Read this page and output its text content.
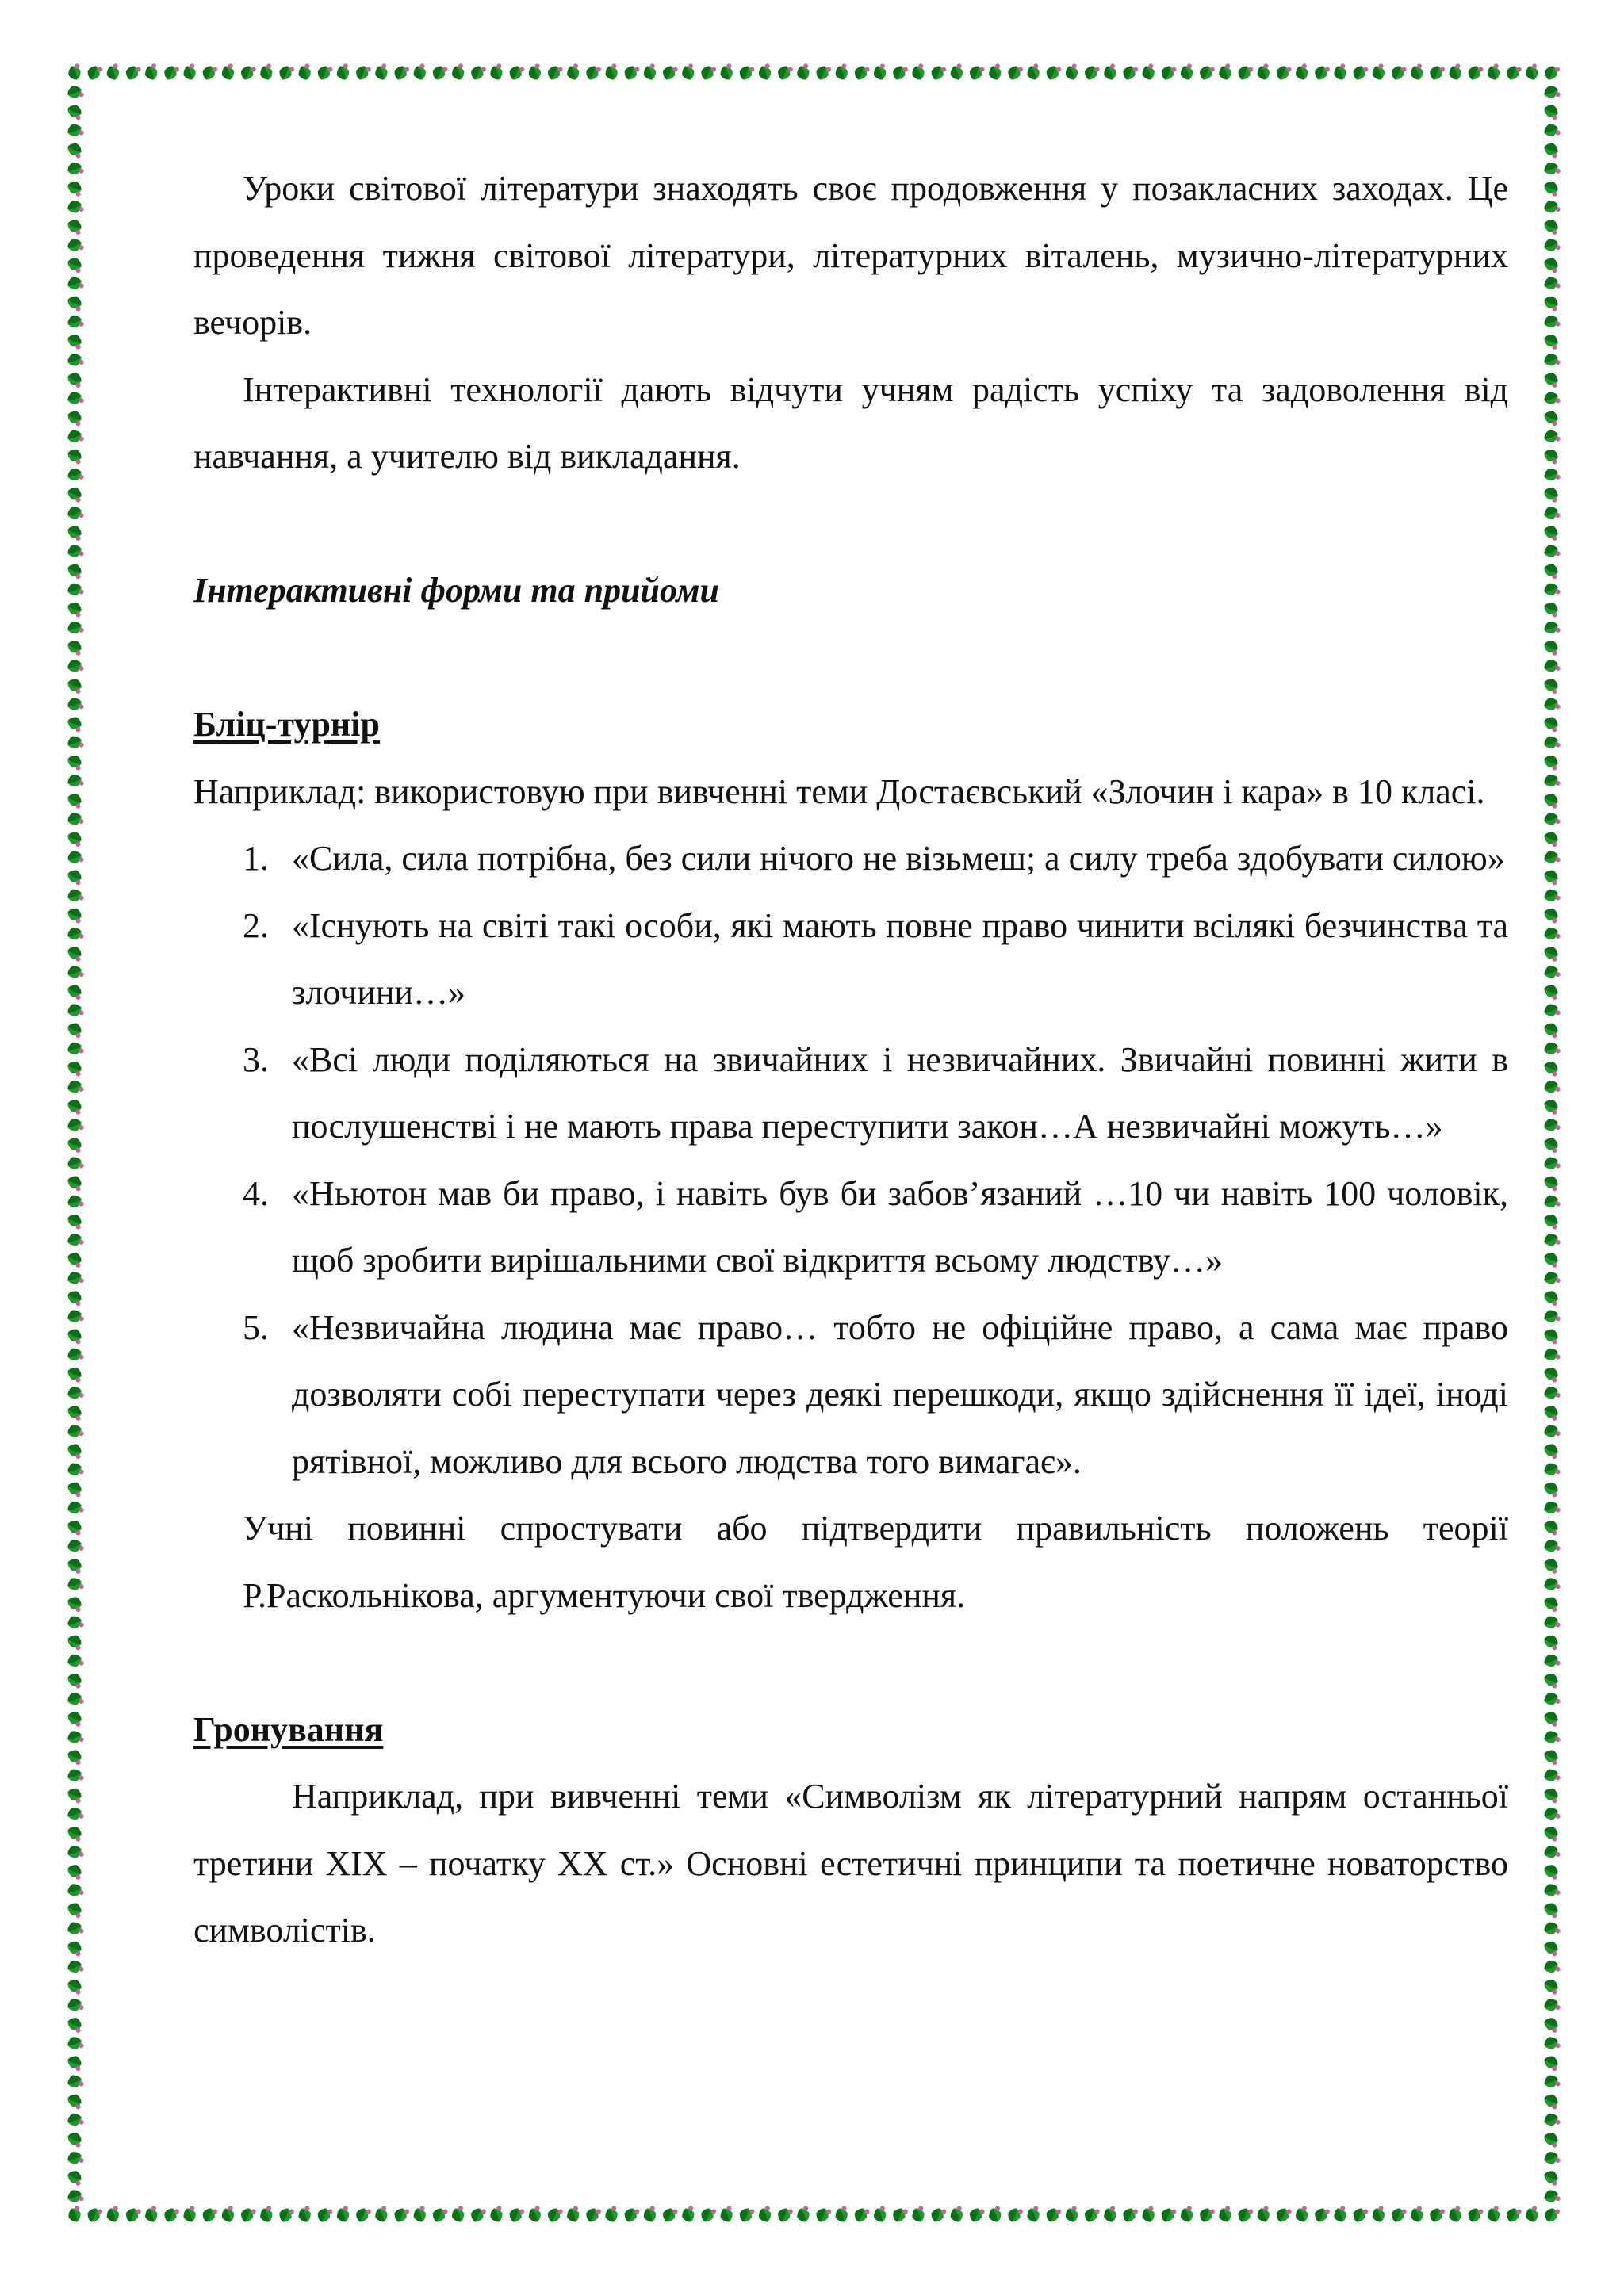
Уроки світової літератури знаходять своє продовження у позакласних заходах. Це проведення тижня світової літератури, літературних віталень, музично-літературних вечорів.

Інтерактивні технології дають відчути учням радість успіху та задоволення від навчання, а учителю від викладання.

Інтерактивні форми та прийоми

Бліц-турнір

Наприклад: використовую при вивченні теми Достаєвський «Злочин і кара» в 10 класі.

1. «Сила, сила потрібна, без сили нічого не візьмеш; а силу треба здобувати силою»
2. «Існують на світі такі особи, які мають повне право чинити всілякі безчинства та злочини…»
3. «Всі люди поділяються на звичайних і незвичайних. Звичайні повинні жити в послушенстві і не мають права переступити закон…А незвичайні можуть…»
4. «Ньютон мав би право, і навіть був би забов’язаний …10 чи навіть 100 чоловік, щоб зробити вирішальними свої відкриття всьому людству…»
5. «Незвичайна людина має право… тобто не офіційне право, а сама має право дозволяти собі переступати через деякі перешкоди, якщо здійснення її ідеї, іноді рятівної, можливо для всього людства того вимагає».

Учні повинні спростувати або підтвердити правильність положень теорії Р.Раскольнікова, аргументуючи свої твердження.

Гронування

Наприклад, при вивченні теми «Символізм як літературний напрям останньої третини XIX – початку XX ст.» Основні естетичні принципи та поетичне новаторство символістів.
